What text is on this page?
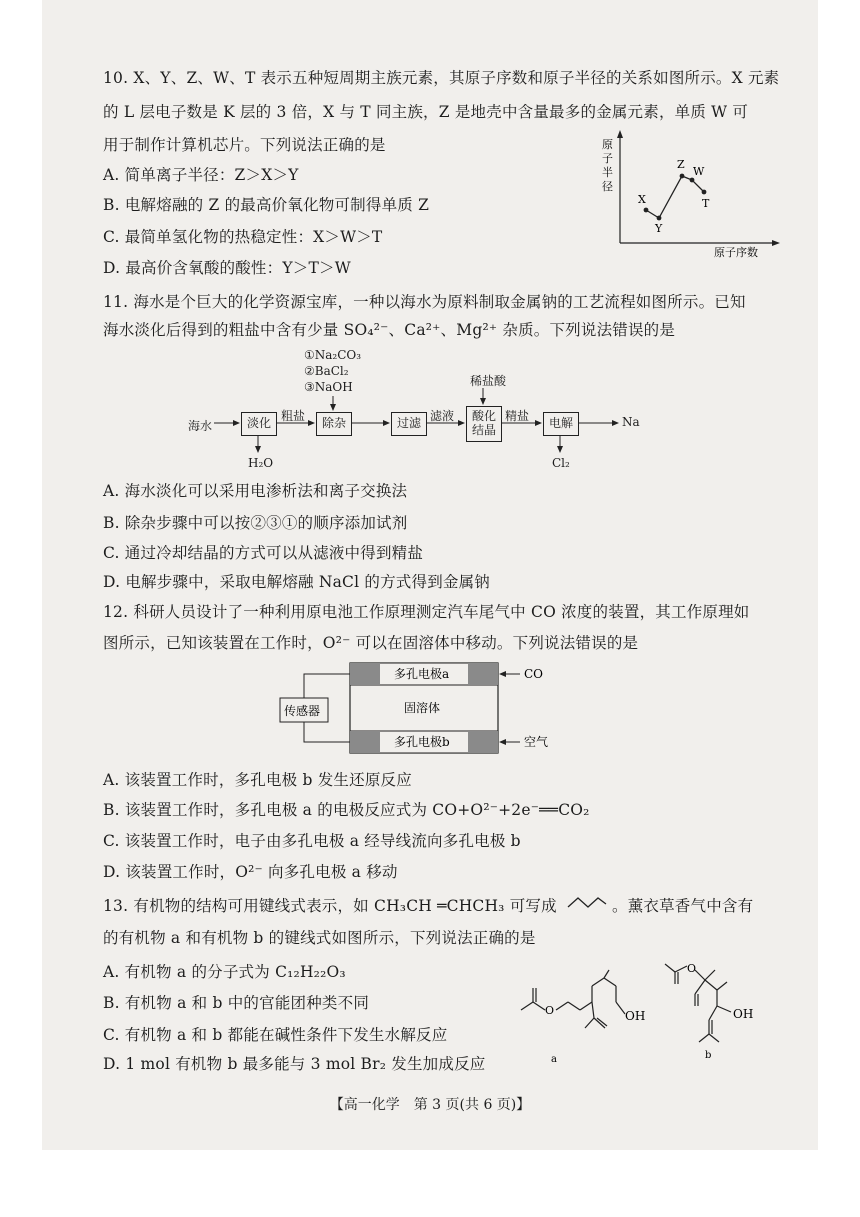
10. X、Y、Z、W、T 表示五种短周期主族元素，其原子序数和原子半径的关系如图所示。X 元素
的 L 层电子数是 K 层的 3 倍，X 与 T 同主族，Z 是地壳中含量最多的金属元素，单质 W 可
用于制作计算机芯片。下列说法正确的是
A. 简单离子半径：Z＞X＞Y
B. 电解熔融的 Z 的最高价氧化物可制得单质 Z
C. 最简单氢化物的热稳定性：X＞W＞T
D. 最高价含氧酸的酸性：Y＞T＞W
原
子
半
径
原子序数
X
Y
Z
W
T
11. 海水是个巨大的化学资源宝库，一种以海水为原料制取金属钠的工艺流程如图所示。已知
海水淡化后得到的粗盐中含有少量 SO₄²⁻、Ca²⁺、Mg²⁺ 杂质。下列说法错误的是
①Na₂CO₃
②BaCl₂
③NaOH	稀盐酸
海水	淡化
粗盐
除杂	过滤
滤液 酸化
结晶
精盐
电解	Na
H₂O	Cl₂
A. 海水淡化可以采用电渗析法和离子交换法
B. 除杂步骤中可以按②③①的顺序添加试剂
C. 通过冷却结晶的方式可以从滤液中得到精盐
D. 电解步骤中，采取电解熔融 NaCl 的方式得到金属钠
12. 科研人员设计了一种利用原电池工作原理测定汽车尾气中 CO 浓度的装置，其工作原理如
图所示，已知该装置在工作时，O²⁻ 可以在固溶体中移动。下列说法错误的是
传感器
多孔电极a
多孔电极b
固溶体
CO
空气
A. 该装置工作时，多孔电极 b 发生还原反应
B. 该装置工作时，多孔电极 a 的电极反应式为 CO+O²⁻+2e⁻══CO₂
C. 该装置工作时，电子由多孔电极 a 经导线流向多孔电极 b
D. 该装置工作时，O²⁻ 向多孔电极 a 移动
13. 有机物的结构可用键线式表示，如 CH₃CH ═CHCH₃ 可写成	。薰衣草香气中含有
的有机物 a 和有机物 b 的键线式如图所示，下列说法正确的是
A. 有机物 a 的分子式为 C₁₂H₂₂O₃
B. 有机物 a 和 b 中的官能团种类不同
C. 有机物 a 和 b 都能在碱性条件下发生水解反应
D. 1 mol 有机物 b 最多能与 3 mol Br₂ 发生加成反应
O	OH
a
O
OH
b
【高一化学　第 3 页(共 6 页)】
